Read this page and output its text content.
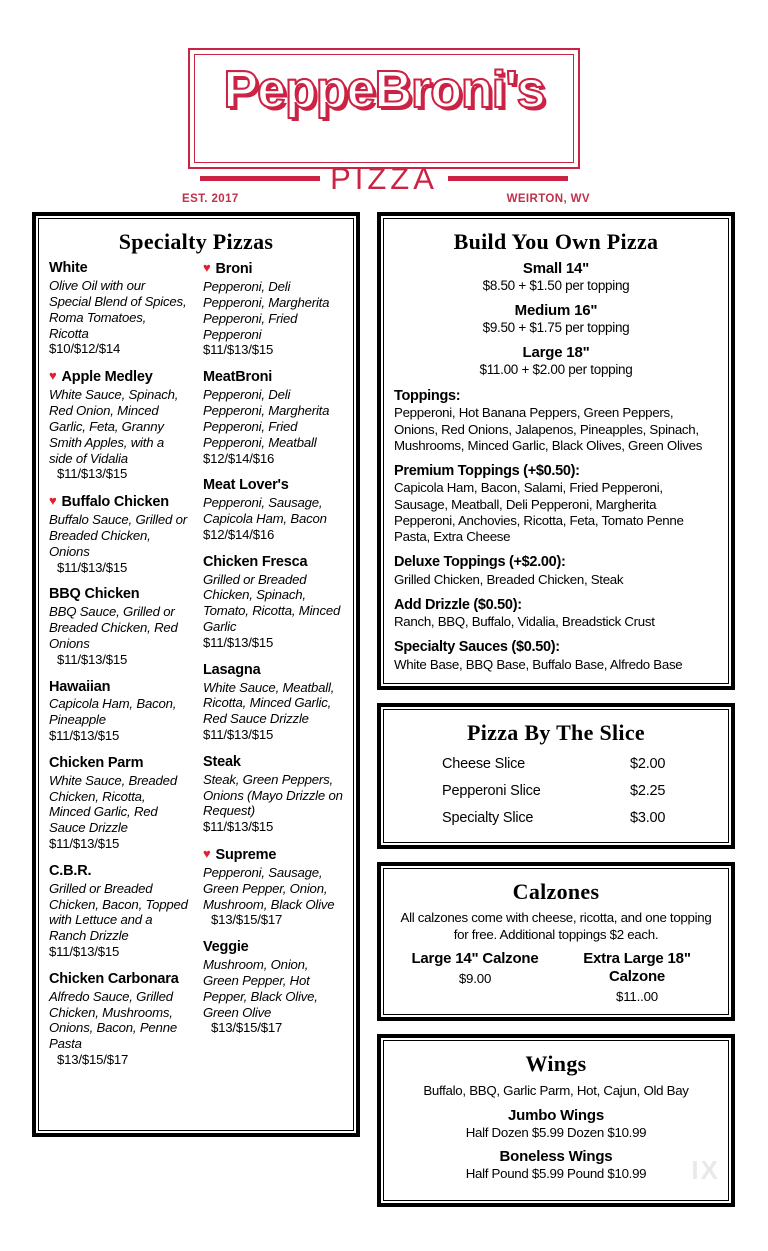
PeppeBroni's
PIZZA
EST. 2017	WEIRTON, WV
Specialty Pizzas
White
Olive Oil with our Special Blend of Spices, Roma Tomatoes, Ricotta
$10/$12/$14
♥ Apple Medley
White Sauce, Spinach, Red Onion, Minced Garlic, Feta, Granny Smith Apples, with a side of Vidalia
$11/$13/$15
♥ Buffalo Chicken
Buffalo Sauce, Grilled or Breaded Chicken, Onions
$11/$13/$15
BBQ Chicken
BBQ Sauce, Grilled or Breaded Chicken, Red Onions
$11/$13/$15
Hawaiian
Capicola Ham, Bacon, Pineapple
$11/$13/$15
Chicken Parm
White Sauce, Breaded Chicken, Ricotta, Minced Garlic, Red Sauce Drizzle $11/$13/$15
C.B.R.
Grilled or Breaded Chicken, Bacon, Topped with Lettuce and a Ranch Drizzle
$11/$13/$15
Chicken Carbonara
Alfredo Sauce, Grilled Chicken, Mushrooms, Onions, Bacon, Penne Pasta
$13/$15/$17
♥ Broni
Pepperoni, Deli Pepperoni, Margherita Pepperoni, Fried Pepperoni
$11/$13/$15
MeatBroni
Pepperoni, Deli Pepperoni, Margherita Pepperoni, Fried Pepperoni, Meatball
$12/$14/$16
Meat Lover's
Pepperoni, Sausage, Capicola Ham, Bacon
$12/$14/$16
Chicken Fresca
Grilled or Breaded Chicken, Spinach, Tomato, Ricotta, Minced Garlic
$11/$13/$15
Lasagna
White Sauce, Meatball, Ricotta, Minced Garlic, Red Sauce Drizzle
$11/$13/$15
Steak
Steak, Green Peppers, Onions (Mayo Drizzle on Request)
$11/$13/$15
♥ Supreme
Pepperoni, Sausage, Green Pepper, Onion, Mushroom, Black Olive
$13/$15/$17
Veggie
Mushroom, Onion, Green Pepper, Hot Pepper, Black Olive, Green Olive
$13/$15/$17
Build You Own Pizza
Small 14"
$8.50 + $1.50 per topping
Medium 16"
$9.50 + $1.75 per topping
Large 18"
$11.00 + $2.00 per topping
Toppings:
Pepperoni, Hot Banana Peppers, Green Peppers, Onions, Red Onions, Jalapenos, Pineapples, Spinach, Mushrooms, Minced Garlic, Black Olives, Green Olives
Premium Toppings (+$0.50):
Capicola Ham, Bacon, Salami, Fried Pepperoni, Sausage, Meatball, Deli Pepperoni, Margherita Pepperoni, Anchovies, Ricotta, Feta, Tomato Penne Pasta, Extra Cheese
Deluxe Toppings (+$2.00):
Grilled Chicken, Breaded Chicken, Steak
Add Drizzle ($0.50):
Ranch, BBQ, Buffalo, Vidalia, Breadstick Crust
Specialty Sauces ($0.50):
White Base, BBQ Base, Buffalo Base, Alfredo Base
Pizza By The Slice
Cheese Slice	$2.00
Pepperoni Slice	$2.25
Specialty Slice	$3.00
Calzones
All calzones come with cheese, ricotta, and one topping for free. Additional toppings $2 each.
Large 14" Calzone
$9.00
Extra Large 18" Calzone
$11..00
Wings
Buffalo, BBQ, Garlic Parm, Hot, Cajun, Old Bay
Jumbo Wings
Half Dozen $5.99 Dozen $10.99
Boneless Wings
Half Pound $5.99 Pound $10.99	IX
